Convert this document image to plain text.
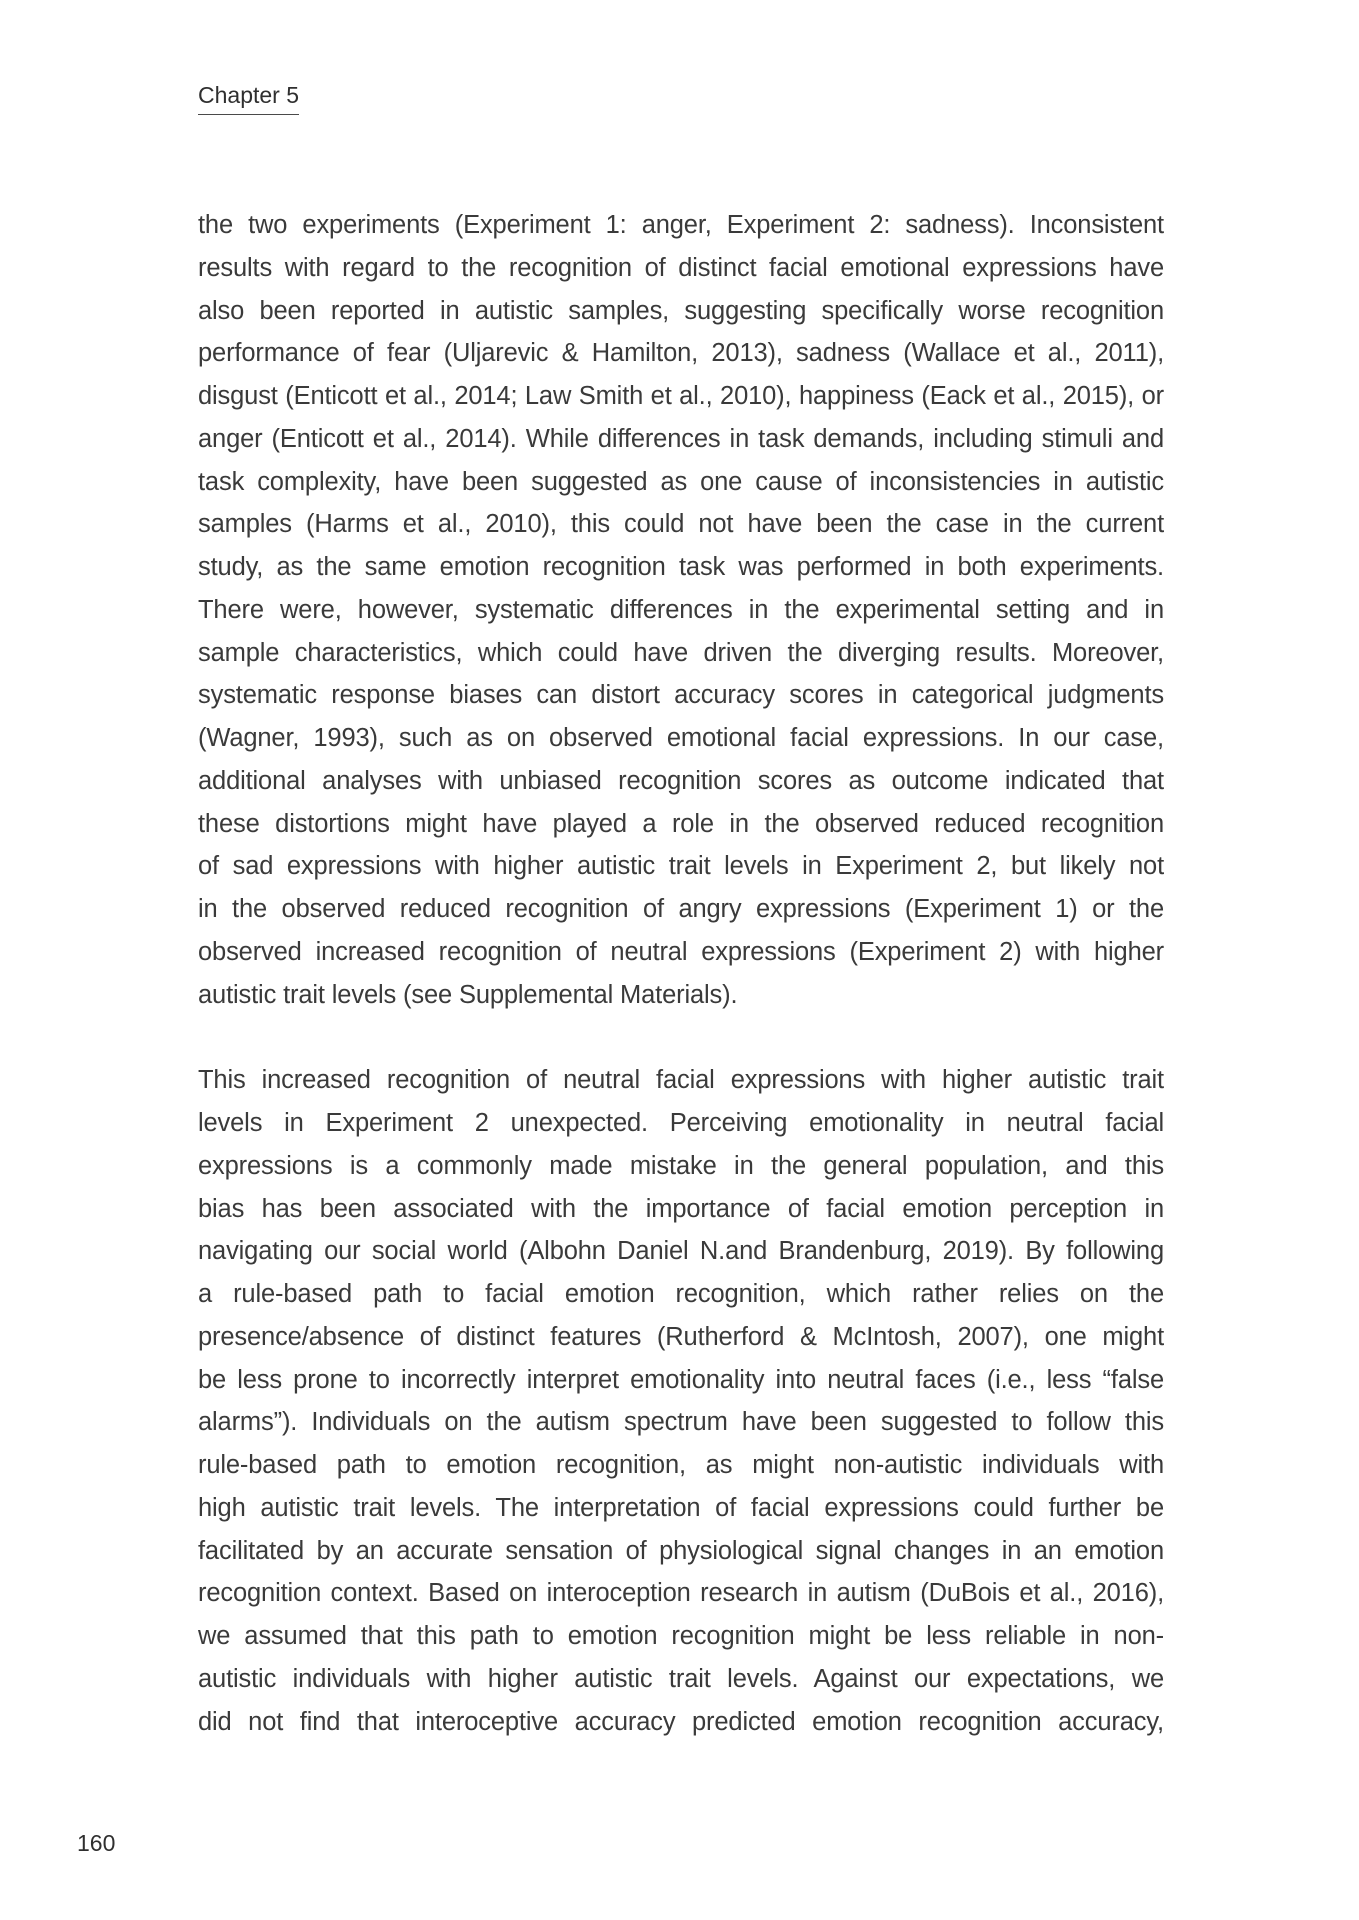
Chapter 5
the two experiments (Experiment 1: anger, Experiment 2: sadness). Inconsistent
results with regard to the recognition of distinct facial emotional expressions have
also been reported in autistic samples, suggesting specifically worse recognition
performance of fear (Uljarevic & Hamilton, 2013), sadness (Wallace et al., 2011),
disgust (Enticott et al., 2014; Law Smith et al., 2010), happiness (Eack et al., 2015), or
anger (Enticott et al., 2014). While differences in task demands, including stimuli and
task complexity, have been suggested as one cause of inconsistencies in autistic
samples (Harms et al., 2010), this could not have been the case in the current
study, as the same emotion recognition task was performed in both experiments.
There were, however, systematic differences in the experimental setting and in
sample characteristics, which could have driven the diverging results. Moreover,
systematic response biases can distort accuracy scores in categorical judgments
(Wagner, 1993), such as on observed emotional facial expressions. In our case,
additional analyses with unbiased recognition scores as outcome indicated that
these distortions might have played a role in the observed reduced recognition
of sad expressions with higher autistic trait levels in Experiment 2, but likely not
in the observed reduced recognition of angry expressions (Experiment 1) or the
observed increased recognition of neutral expressions (Experiment 2) with higher
autistic trait levels (see Supplemental Materials).
This increased recognition of neutral facial expressions with higher autistic trait
levels in Experiment 2 unexpected. Perceiving emotionality in neutral facial
expressions is a commonly made mistake in the general population, and this
bias has been associated with the importance of facial emotion perception in
navigating our social world (Albohn Daniel N.and Brandenburg, 2019). By following
a rule-based path to facial emotion recognition, which rather relies on the
presence/absence of distinct features (Rutherford & McIntosh, 2007), one might
be less prone to incorrectly interpret emotionality into neutral faces (i.e., less “false
alarms”). Individuals on the autism spectrum have been suggested to follow this
rule-based path to emotion recognition, as might non-autistic individuals with
high autistic trait levels. The interpretation of facial expressions could further be
facilitated by an accurate sensation of physiological signal changes in an emotion
recognition context. Based on interoception research in autism (DuBois et al., 2016),
we assumed that this path to emotion recognition might be less reliable in non-
autistic individuals with higher autistic trait levels. Against our expectations, we
did not find that interoceptive accuracy predicted emotion recognition accuracy,
160
